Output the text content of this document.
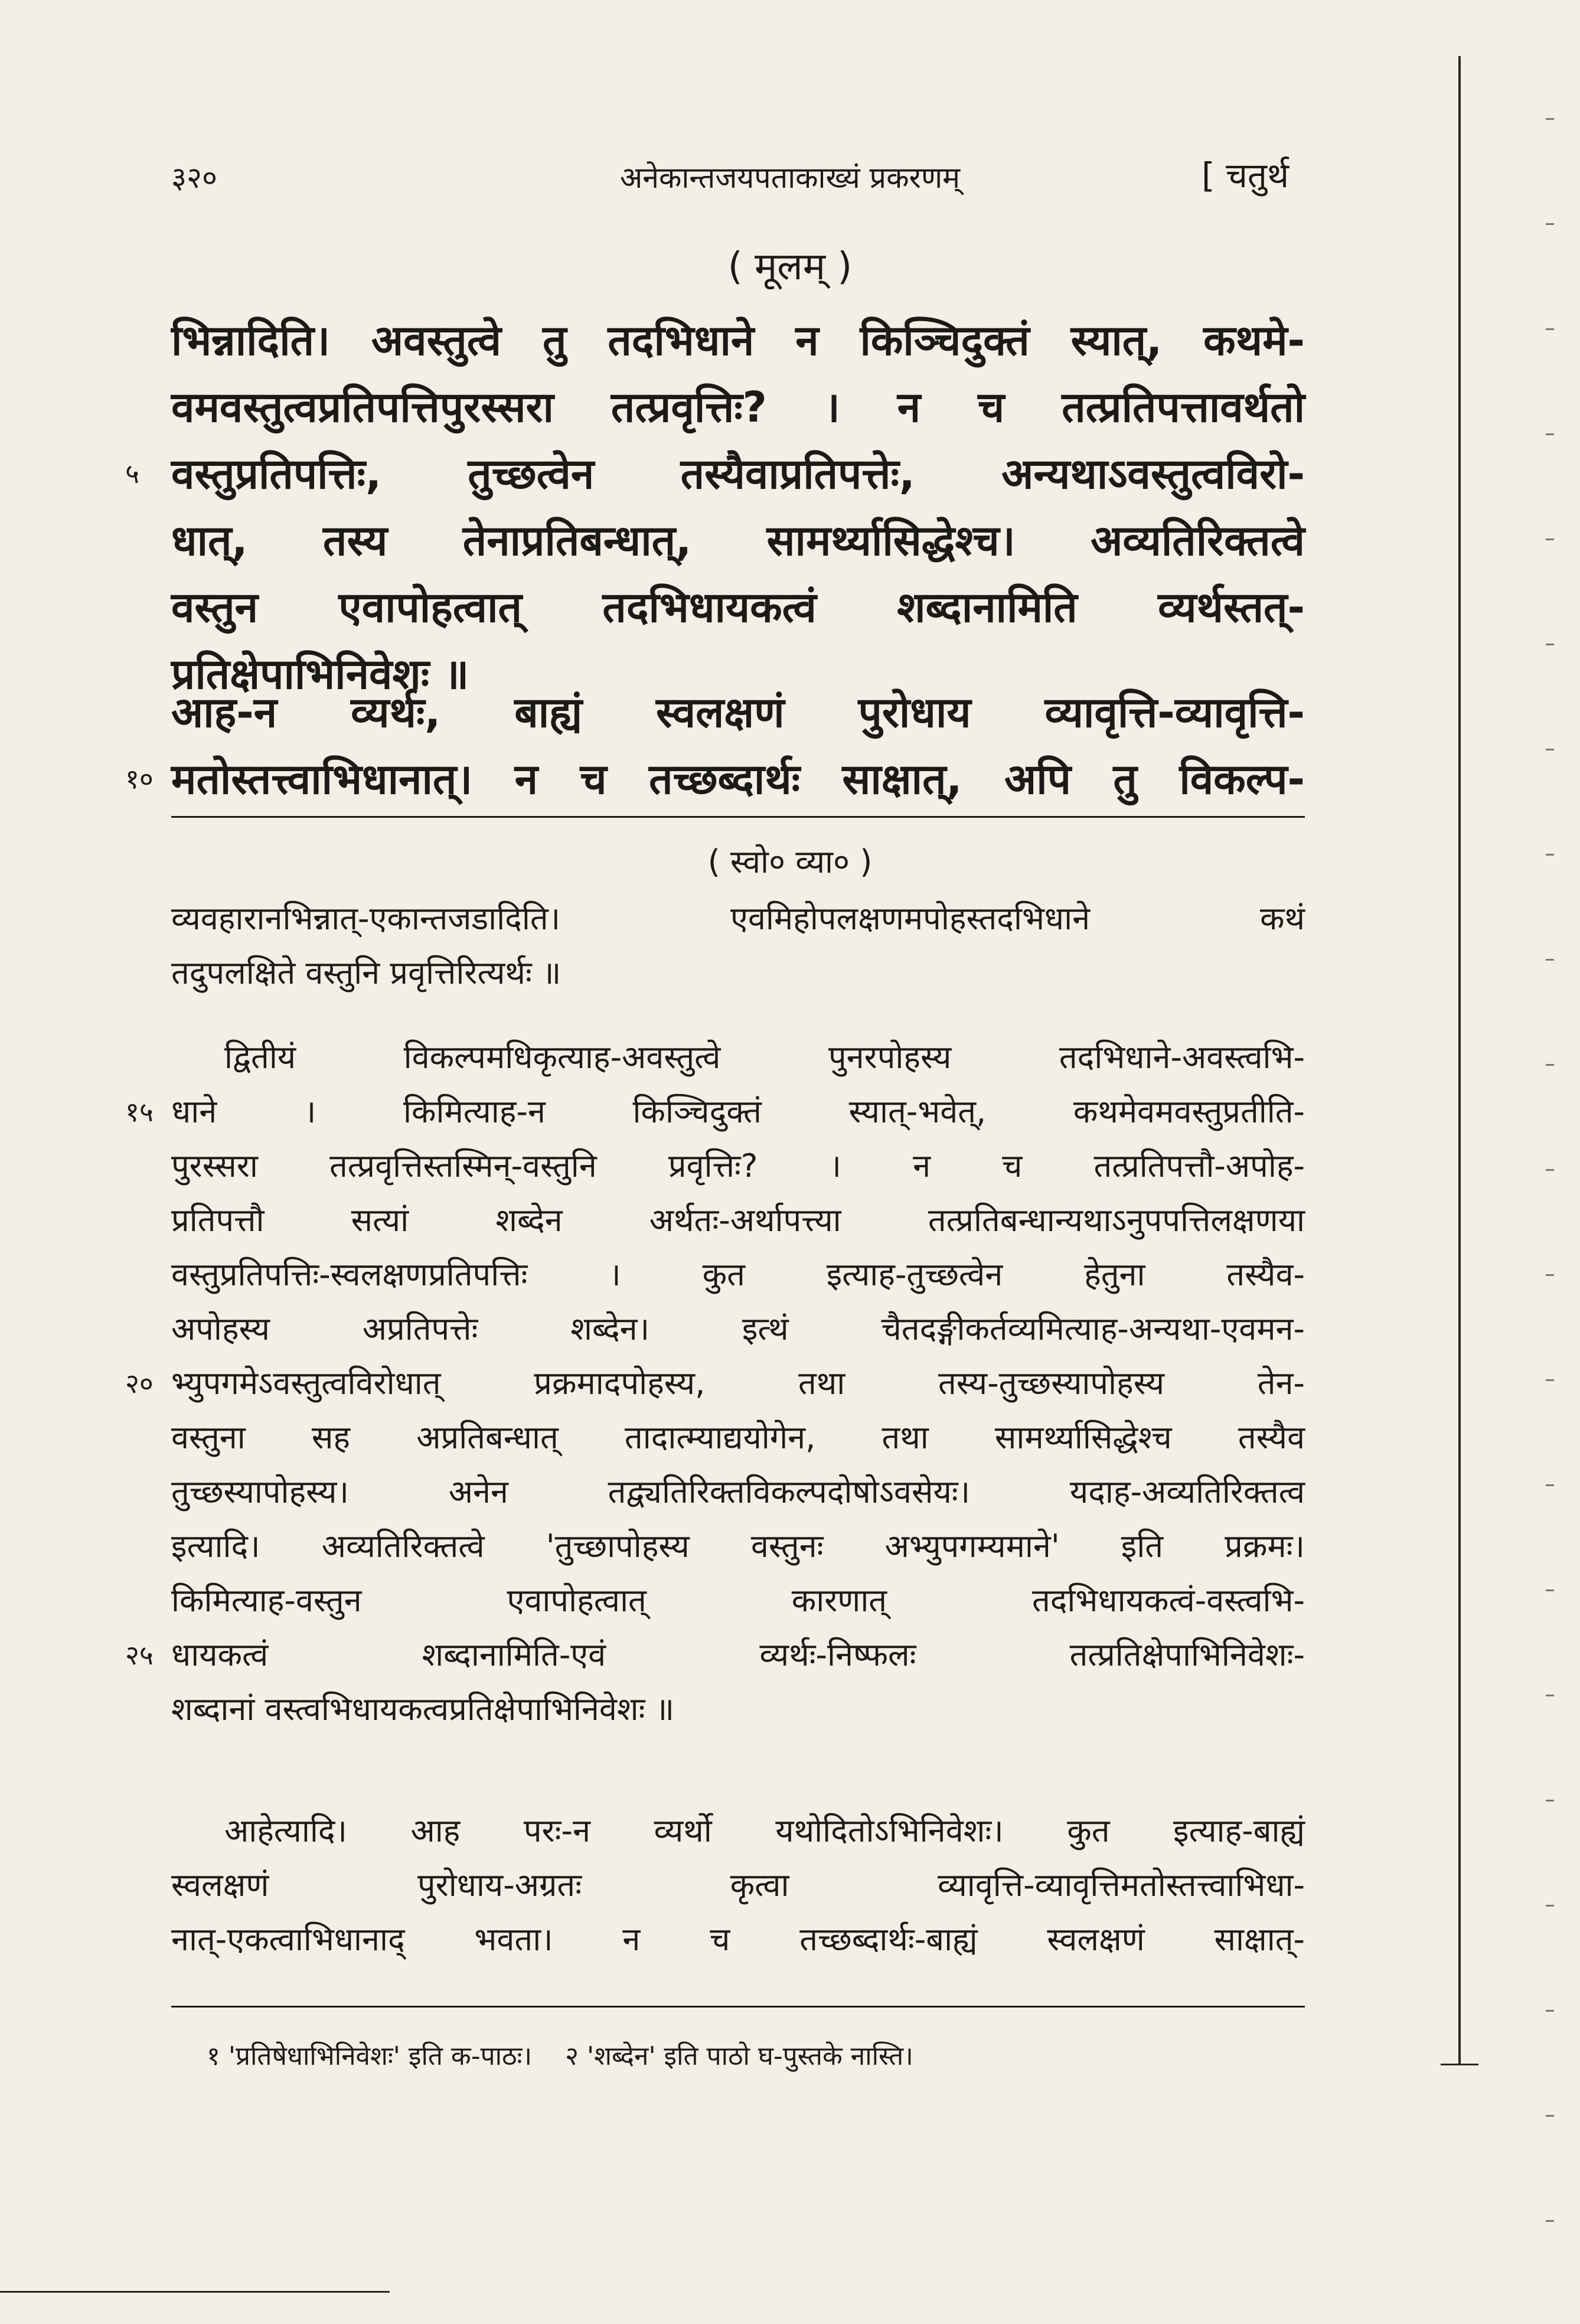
३२०	अनेकान्तजयपताकाख्यं प्रकरणम्	[ चतुर्थ
( मूलम् )
भिन्नादिति। अवस्तुत्वे तु तदभिधाने न किञ्चिदुक्तं स्यात्, कथमे-
वमवस्तुत्वप्रतिपत्तिपुरस्सरा तत्प्रवृत्तिः? । न च तत्प्रतिपत्तावर्थतो
५ वस्तुप्रतिपत्तिः, तुच्छत्वेन तस्यैवाप्रतिपत्तेः, अन्यथाऽवस्तुत्वविरो-
धात्, तस्य तेनाप्रतिबन्धात्, सामर्थ्यासिद्धेश्च। अव्यतिरिक्तत्वे
वस्तुन एवापोहत्वात् तदभिधायकत्वं शब्दानामिति व्यर्थस्तत्-
प्रतिक्षेपाभिनिवेशः ॥
आह-न व्यर्थः, बाह्यं स्वलक्षणं पुरोधाय व्यावृत्ति-व्यावृत्ति-
१० मतोस्तत्त्वाभिधानात्। न च तच्छब्दार्थः साक्षात्, अपि तु विकल्प-
( स्वो० व्या० )
व्यवहारानभिन्नात्-एकान्तजडादिति। एवमिहोपलक्षणमपोहस्तदभिधाने कथं
तदुपलक्षिते वस्तुनि प्रवृत्तिरित्यर्थः ॥
द्वितीयं विकल्पमधिकृत्याह-अवस्तुत्वे पुनरपोहस्य तदभिधाने-अवस्त्वभि-
१५ धाने । किमित्याह-न किञ्चिदुक्तं स्यात्-भवेत्, कथमेवमवस्तुप्रतीति-
पुरस्सरा तत्प्रवृत्तिस्तस्मिन्-वस्तुनि प्रवृत्तिः? । न च तत्प्रतिपत्तौ-अपोह-
प्रतिपत्तौ सत्यां शब्देन अर्थतः-अर्थापत्त्या तत्प्रतिबन्धान्यथाऽनुपपत्तिलक्षणया
वस्तुप्रतिपत्तिः-स्वलक्षणप्रतिपत्तिः । कुत इत्याह-तुच्छत्वेन हेतुना तस्यैव-
अपोहस्य अप्रतिपत्तेः शब्देन। इत्थं चैतदङ्गीकर्तव्यमित्याह-अन्यथा-एवमन-
२० भ्युपगमेऽवस्तुत्वविरोधात् प्रक्रमादपोहस्य, तथा तस्य-तुच्छस्यापोहस्य तेन-
वस्तुना सह अप्रतिबन्धात् तादात्म्याद्ययोगेन, तथा सामर्थ्यासिद्धेश्च तस्यैव
तुच्छस्यापोहस्य। अनेन तद्व्यतिरिक्तविकल्पदोषोऽवसेयः। यदाह-अव्यतिरिक्तत्व
इत्यादि। अव्यतिरिक्तत्वे 'तुच्छापोहस्य वस्तुनः अभ्युपगम्यमाने' इति प्रक्रमः।
किमित्याह-वस्तुन एवापोहत्वात् कारणात् तदभिधायकत्वं-वस्त्वभि-
२५ धायकत्वं शब्दानामिति-एवं व्यर्थः-निष्फलः तत्प्रतिक्षेपाभिनिवेशः-
शब्दानां वस्त्वभिधायकत्वप्रतिक्षेपाभिनिवेशः ॥
आहेत्यादि। आह परः-न व्यर्थो यथोदितोऽभिनिवेशः। कुत इत्याह-बाह्यं
स्वलक्षणं पुरोधाय-अग्रतः कृत्वा व्यावृत्ति-व्यावृत्तिमतोस्तत्त्वाभिधा-
नात्-एकत्वाभिधानाद् भवता। न च तच्छब्दार्थः-बाह्यं स्वलक्षणं साक्षात्-
१ 'प्रतिषेधाभिनिवेशः' इति क-पाठः। २ 'शब्देन' इति पाठो घ-पुस्तके नास्ति।
